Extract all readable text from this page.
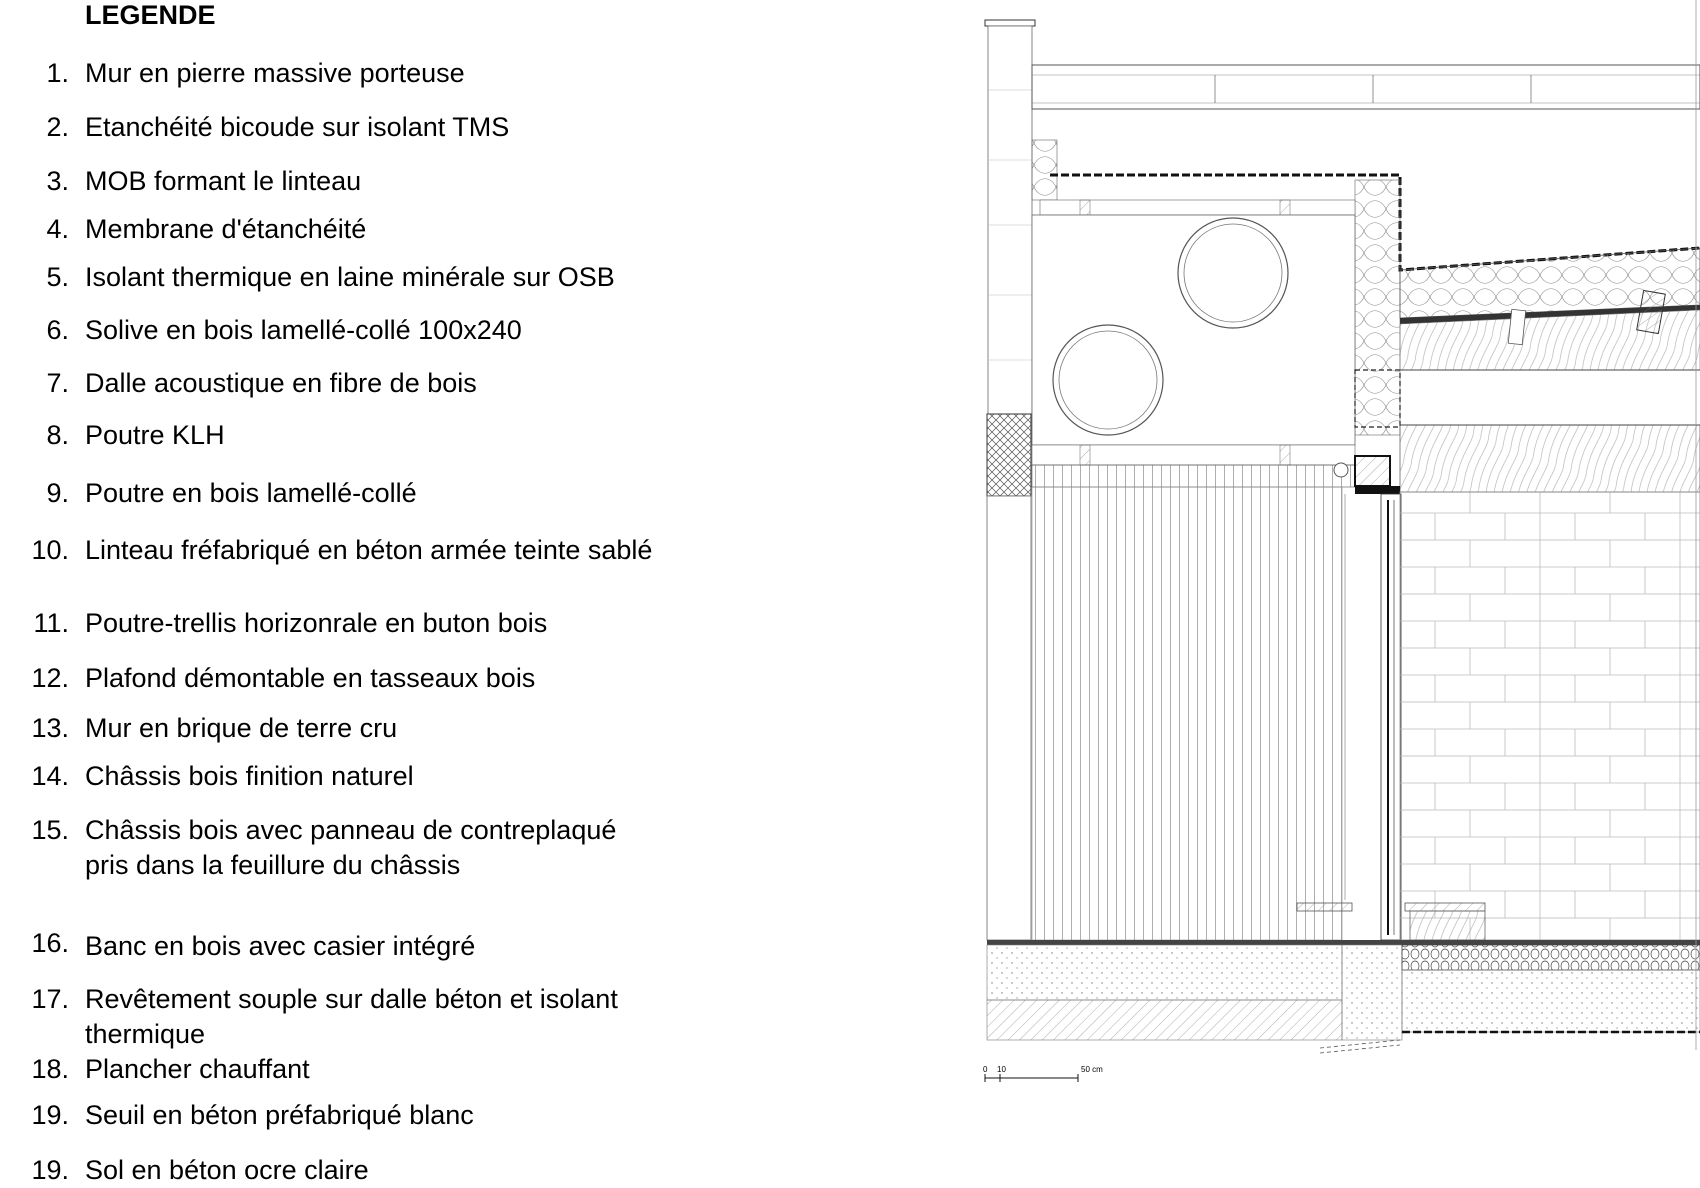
LEGENDE
1. Mur en pierre massive porteuse
2. Etanchéité bicoude sur isolant TMS
3. MOB formant le linteau
4. Membrane d'étanchéité
5. Isolant thermique en laine minérale sur OSB
6. Solive en bois lamellé-collé 100x240
7. Dalle acoustique en fibre de bois
8. Poutre KLH
9. Poutre en bois lamellé-collé
10. Linteau fréfabriqué en béton armée teinte sablé
11. Poutre-trellis horizonrale en buton bois
12. Plafond démontable en tasseaux bois
13. Mur en brique de terre cru
14. Châssis bois finition naturel
15. Châssis bois avec panneau de contreplaqué pris dans la feuillure du châssis
16. Banc en bois avec casier intégré
17. Revêtement souple sur dalle béton et isolant thermique
18. Plancher chauffant
19. Seuil en béton préfabriqué blanc
19. Sol en béton ocre claire
0 10	50 cm
